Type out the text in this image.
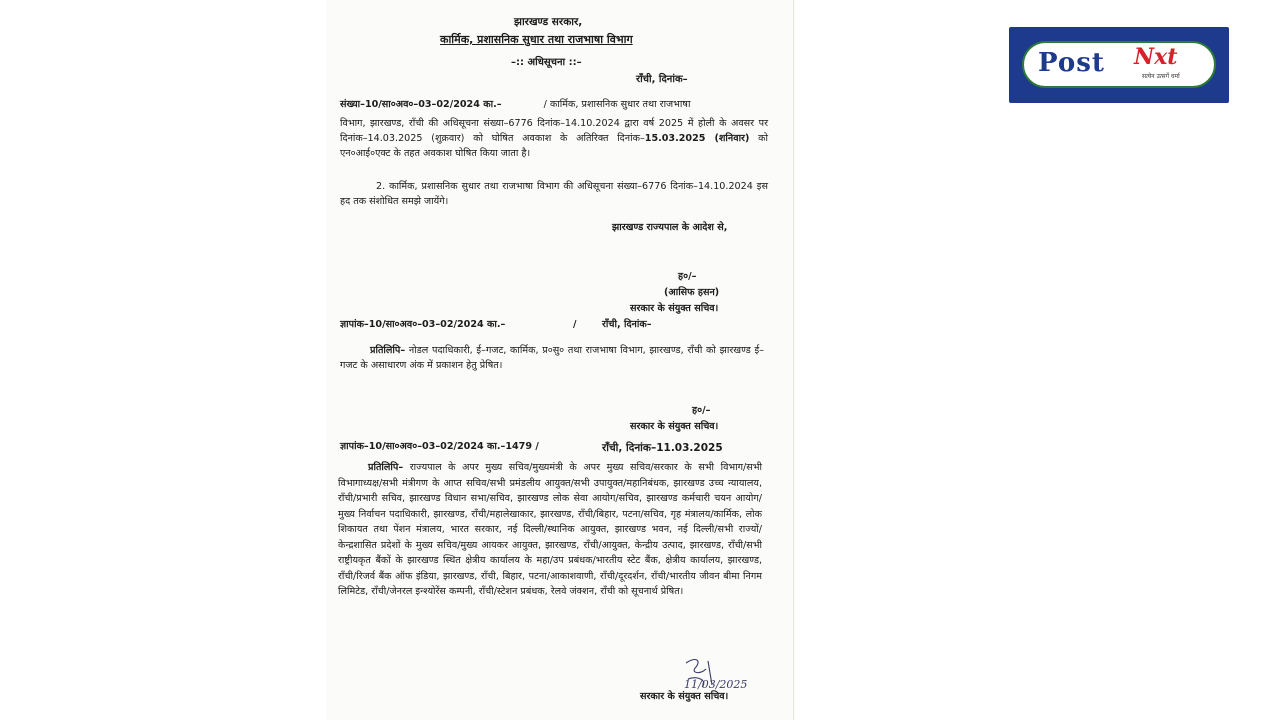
झारखण्ड सरकार,
कार्मिक, प्रशासनिक सुधार तथा राजभाषा विभाग
–:: अधिसूचना ::–
राँची, दिनांक–
संख्या–10/सा०अव०–03–02/2024 का.–	/ कार्मिक, प्रशासनिक सुधार तथा राजभाषा
विभाग, झारखण्ड, राँची की अधिसूचना संख्या–6776 दिनांक–14.10.2024 द्वारा वर्ष 2025 में होली के अवसर पर दिनांक–14.03.2025 (शुक्रवार) को घोषित अवकाश के अतिरिक्त दिनांक–15.03.2025 (शनिवार) को एन०आई०एक्ट के तहत अवकाश घोषित किया जाता है।
2. कार्मिक, प्रशासनिक सुधार तथा राजभाषा विभाग की अधिसूचना संख्या–6776 दिनांक–14.10.2024 इस हद तक संशोधित समझे जायेंगे।
झारखण्ड राज्यपाल के आदेश से,
ह०/–
(आसिफ हसन)
सरकार के संयुक्त सचिव।
ज्ञापांक–10/सा०अव०–03–02/2024 का.–	/	राँची, दिनांक–
प्रतिलिपि– नोडल पदाधिकारी, ई–गजट, कार्मिक, प्र०सु० तथा राजभाषा विभाग, झारखण्ड, राँची को झारखण्ड ई–गजट के असाधारण अंक में प्रकाशन हेतु प्रेषित।
ह०/–
सरकार के संयुक्त सचिव।
ज्ञापांक–10/सा०अव०–03–02/2024 का.–1479 /	राँची, दिनांक–11.03.2025
प्रतिलिपि– राज्यपाल के अपर मुख्य सचिव/मुख्यमंत्री के अपर मुख्य सचिव/सरकार के सभी विभाग/सभी विभागाध्यक्ष/सभी मंत्रीगण के आप्त सचिव/सभी प्रमंडलीय आयुक्त/सभी उपायुक्त/महानिबंधक, झारखण्ड उच्च न्यायालय, राँची/प्रभारी सचिव, झारखण्ड विधान सभा/सचिव, झारखण्ड लोक सेवा आयोग/सचिव, झारखण्ड कर्मचारी चयन आयोग/मुख्य निर्वाचन पदाधिकारी, झारखण्ड, राँची/महालेखाकार, झारखण्ड, राँची/बिहार, पटना/सचिव, गृह मंत्रालय/कार्मिक, लोक शिकायत तथा पेंशन मंत्रालय, भारत सरकार, नई दिल्ली/स्थानिक आयुक्त, झारखण्ड भवन, नई दिल्ली/सभी राज्यों/केन्द्रशासित प्रदेशों के मुख्य सचिव/मुख्य आयकर आयुक्त, झारखण्ड, राँची/आयुक्त, केन्द्रीय उत्पाद, झारखण्ड, राँची/सभी राष्ट्रीयकृत बैंकों के झारखण्ड स्थित क्षेत्रीय कार्यालय के महा/उप प्रबंधक/भारतीय स्टेट बैंक, क्षेत्रीय कार्यालय, झारखण्ड, राँची/रिजर्व बैंक ऑफ इंडिया, झारखण्ड, राँची, बिहार, पटना/आकाशवाणी, राँची/दूरदर्शन, राँची/भारतीय जीवन बीमा निगम लिमिटेड, राँची/जेनरल इन्श्योरेंस कम्पनी, राँची/स्टेशन प्रबंधक, रेलवे जंक्शन, राँची को सूचनार्थ प्रेषित।
11/03/2025
सरकार के संयुक्त सचिव।
Post Nxt
सत्येन उत्सर्गे धर्मा
